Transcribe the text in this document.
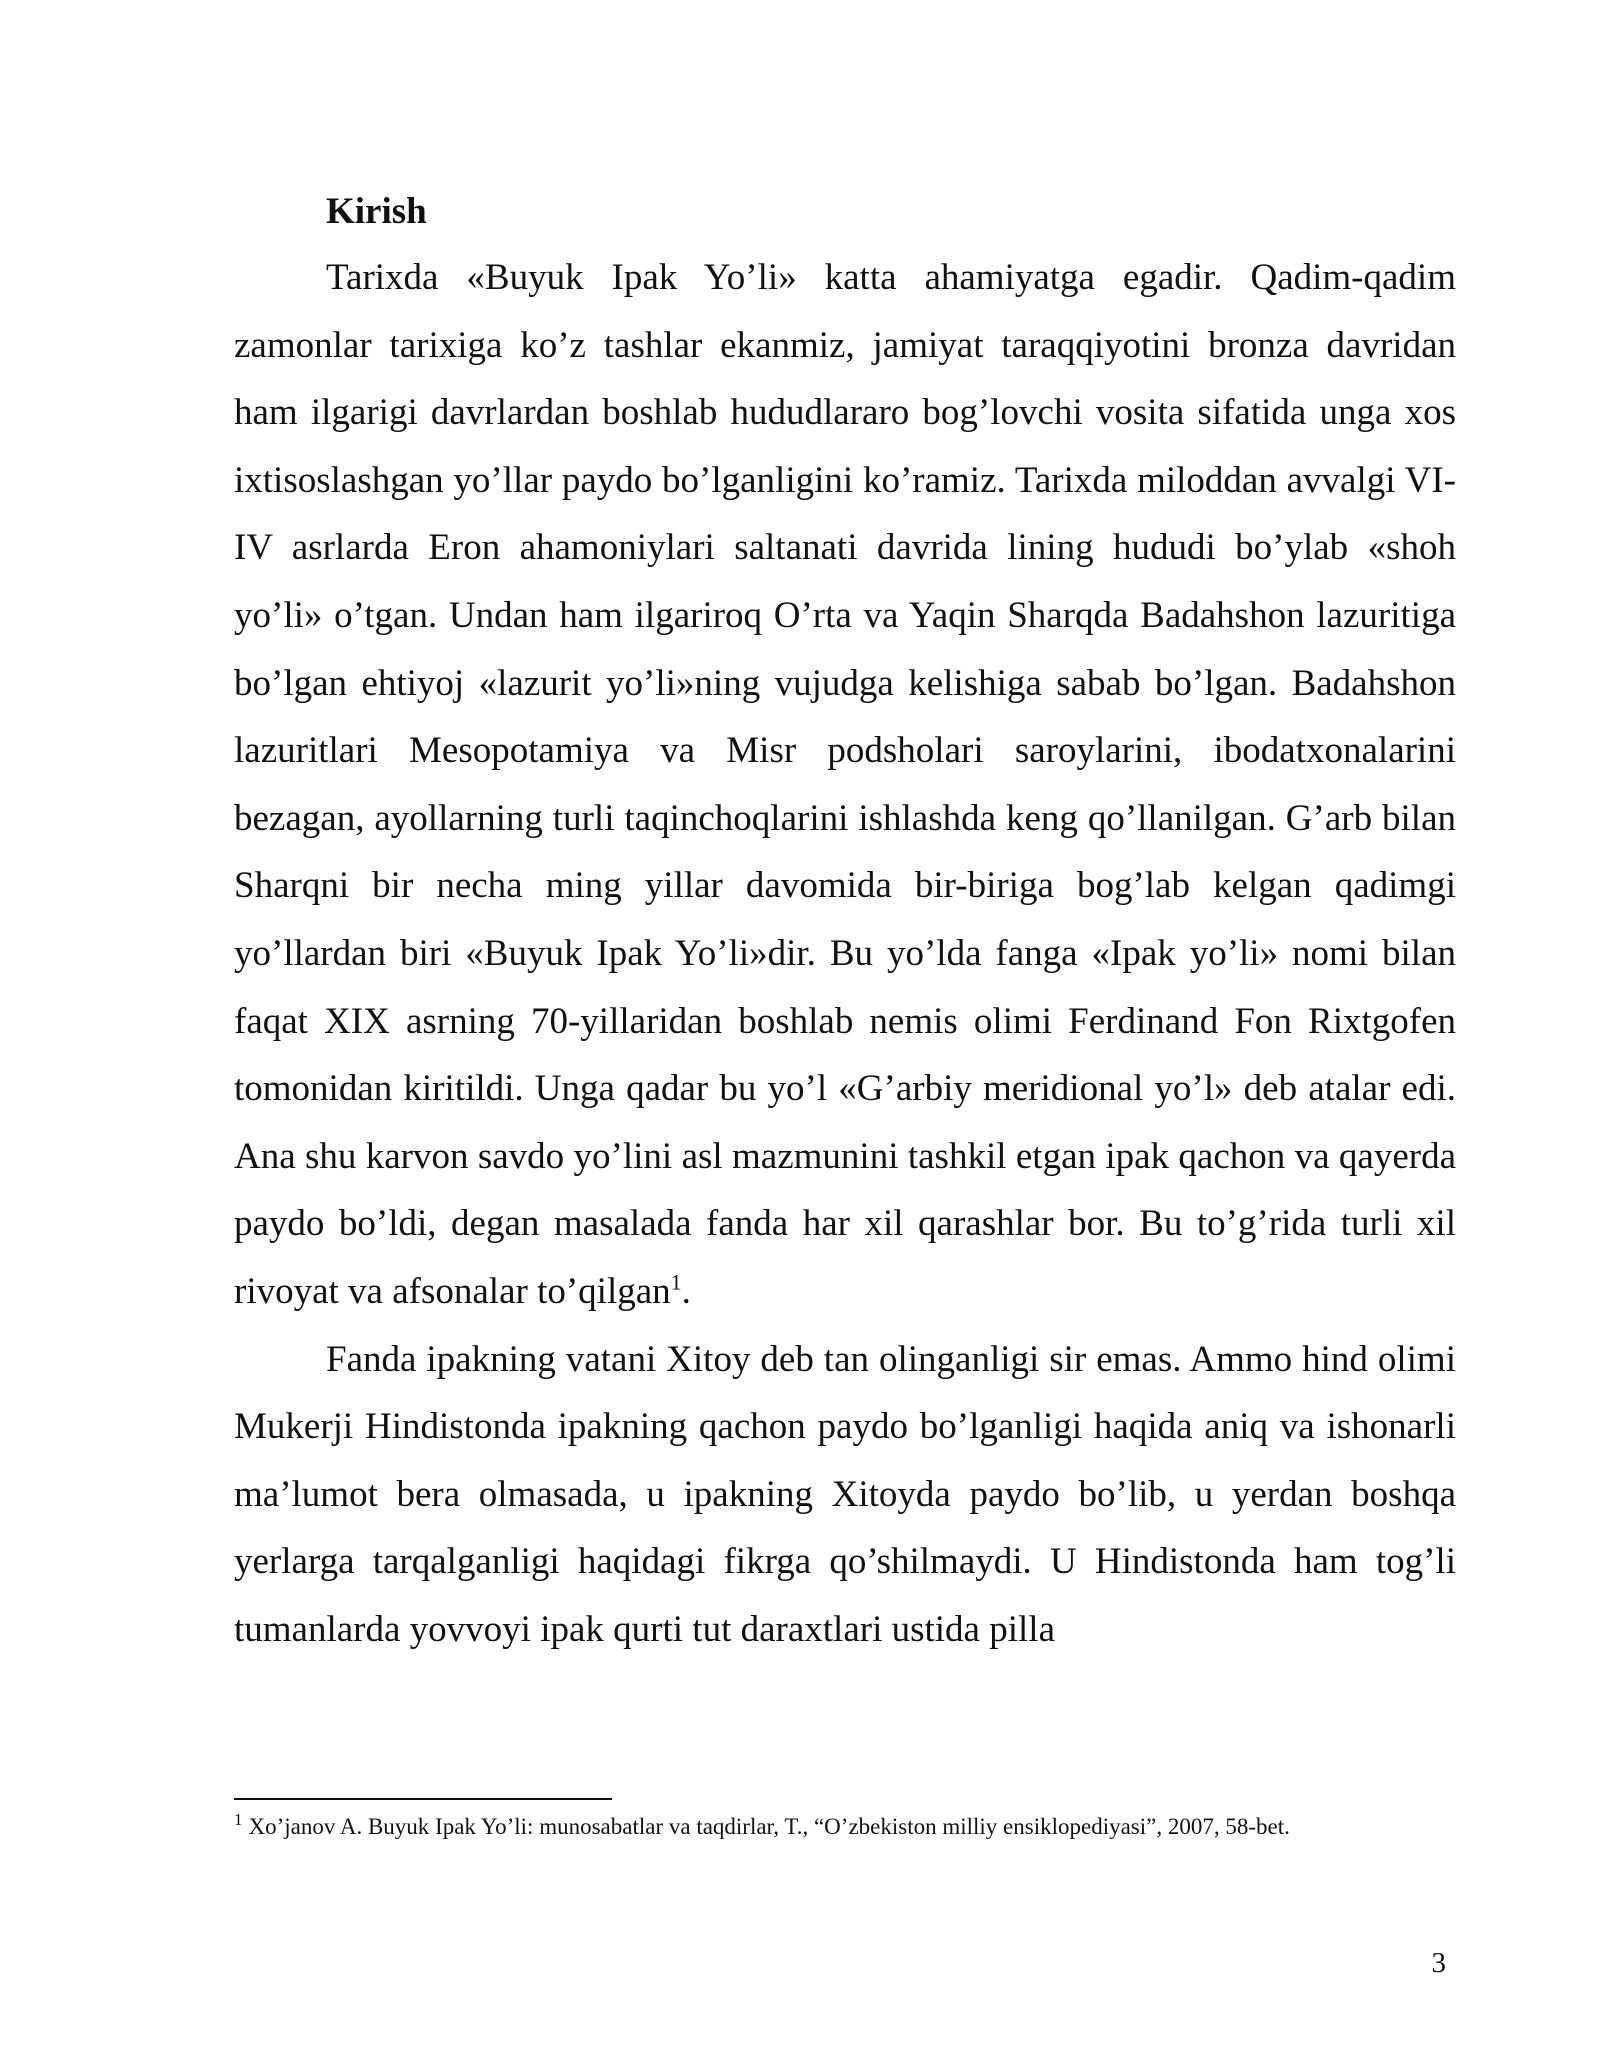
Kirish

Tarixda «Buyuk Ipak Yo’li» katta ahamiyatga egadir. Qadim-qadim zamonlar tarixiga ko’z tashlar ekanmiz, jamiyat taraqqiyotini bronza davridan ham ilgarigi davrlardan boshlab hududlararo bog’lovchi vosita sifatida unga xos ixtisoslashgan yo’llar paydo bo’lganligini ko’ramiz. Tarixda miloddan avvalgi VI-IV asrlarda Eron ahamoniylari saltanati davrida lining hududi bo’ylab «shoh yo’li» o’tgan. Undan ham ilgariroq O’rta va Yaqin Sharqda Badahshon lazuritiga bo’lgan ehtiyoj «lazurit yo’li»ning vujudga kelishiga sabab bo’lgan. Badahshon lazuritlari Mesopotamiya va Misr podsholari saroylarini, ibodatxonalarini bezagan, ayollarning turli taqinchoqlarini ishlashda keng qo’llanilgan. G’arb bilan Sharqni bir necha ming yillar davomida bir-biriga bog’lab kelgan qadimgi yo’llardan biri «Buyuk Ipak Yo’li»dir. Bu yo’lda fanga «Ipak yo’li» nomi bilan faqat XIX asrning 70-yillaridan boshlab nemis olimi Ferdinand Fon Rixtgofen tomonidan kiritildi. Unga qadar bu yo’l «G’arbiy meridional yo’l» deb atalar edi. Ana shu karvon savdo yo’lini asl mazmunini tashkil etgan ipak qachon va qayerda paydo bo’ldi, degan masalada fanda har xil qarashlar bor. Bu to’g’rida turli xil rivoyat va afsonalar to’qilgan$^1$.

Fanda ipakning vatani Xitoy deb tan olinganligi sir emas. Ammo hind olimi Mukerji Hindistonda ipakning qachon paydo bo’lganligi haqida aniq va ishonarli ma’lumot bera olmasada, u ipakning Xitoyda paydo bo’lib, u yerdan boshqa yerlarga tarqalganligi haqidagi fikrga qo’shilmaydi. U Hindistonda ham tog’li tumanlarda yovvoyi ipak qurti tut daraxtlari ustida pilla

$^1$ Xo’janov A. Buyuk Ipak Yo’li: munosabatlar va taqdirlar, T., “O’zbekiston milliy ensiklopediyasi”, 2007, 58-bet.
3
